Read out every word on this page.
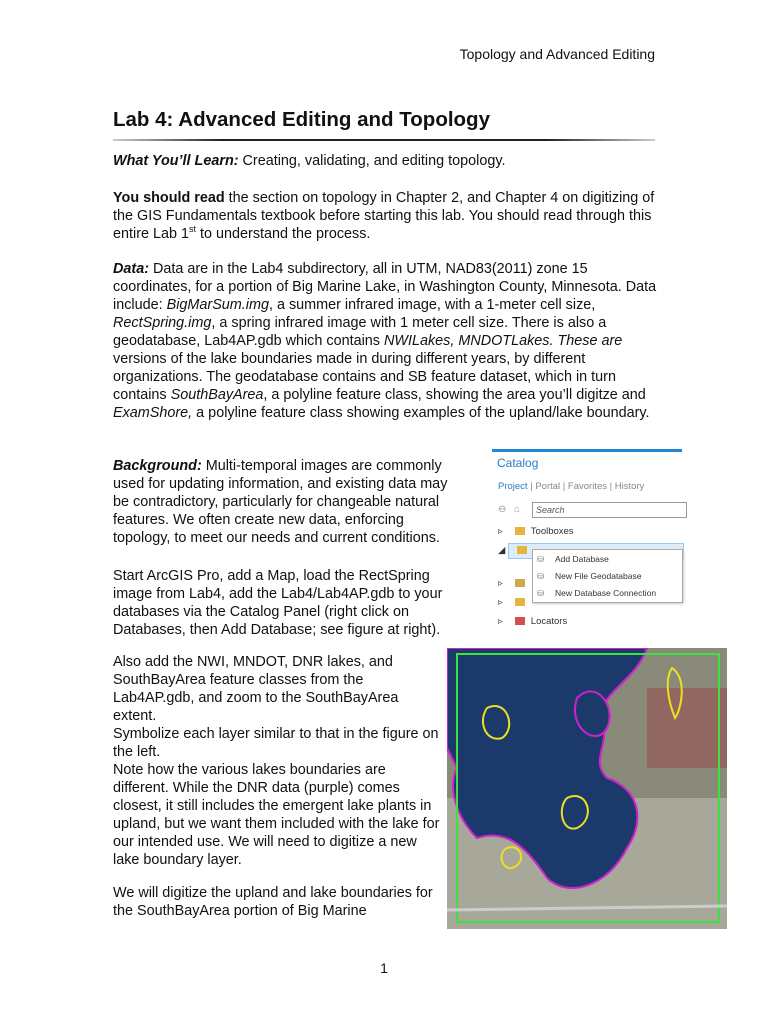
Topology and Advanced Editing
Lab 4: Advanced Editing and Topology
What You’ll Learn: Creating, validating, and editing topology.
You should read the section on topology in Chapter 2, and Chapter 4 on digitizing of the GIS Fundamentals textbook before starting this lab. You should read through this entire Lab 1st to understand the process.
Data: Data are in the Lab4 subdirectory, all in UTM, NAD83(2011) zone 15 coordinates, for a portion of Big Marine Lake, in Washington County, Minnesota. Data include: BigMarSum.img, a summer infrared image, with a 1-meter cell size, RectSpring.img, a spring infrared image with 1 meter cell size. There is also a geodatabase, Lab4AP.gdb which contains NWILakes, MNDOTLakes. These are versions of the lake boundaries made in during different years, by different organizations. The geodatabase contains and SB feature dataset, which in turn contains SouthBayArea, a polyline feature class, showing the area you’ll digitze and ExamShore, a polyline feature class showing examples of the upland/lake boundary.
Background: Multi-temporal images are commonly used for updating information, and existing data may be contradictory, particularly for changeable natural features. We often create new data, enforcing topology, to meet our needs and current conditions.
Start ArcGIS Pro, add a Map, load the RectSpring image from Lab4, add the Lab4/Lab4AP.gdb to your databases via the Catalog Panel (right click on Databases, then Add Database; see figure at right).
Also add the NWI, MNDOT, DNR lakes, and SouthBayArea feature classes from the Lab4AP.gdb, and zoom to the SouthBayArea extent.
Symbolize each layer similar to that in the figure on the left.
Note how the various lakes boundaries are different. While the DNR data (purple) comes closest, it still includes the emergent lake plants in upland, but we want them included with the lake for our intended use. We will need to digitize a new lake boundary layer.
We will digitize the upland and lake boundaries for the SouthBayArea portion of Big Marine
Catalog
Project | Portal | Favorites | History
⊖ ⌂	Search
▹	Toolboxes
◢
▹
▹
▹	Locators
⛁ Add Database
⛁ New File Geodatabase
⛁ New Database Connection
1
